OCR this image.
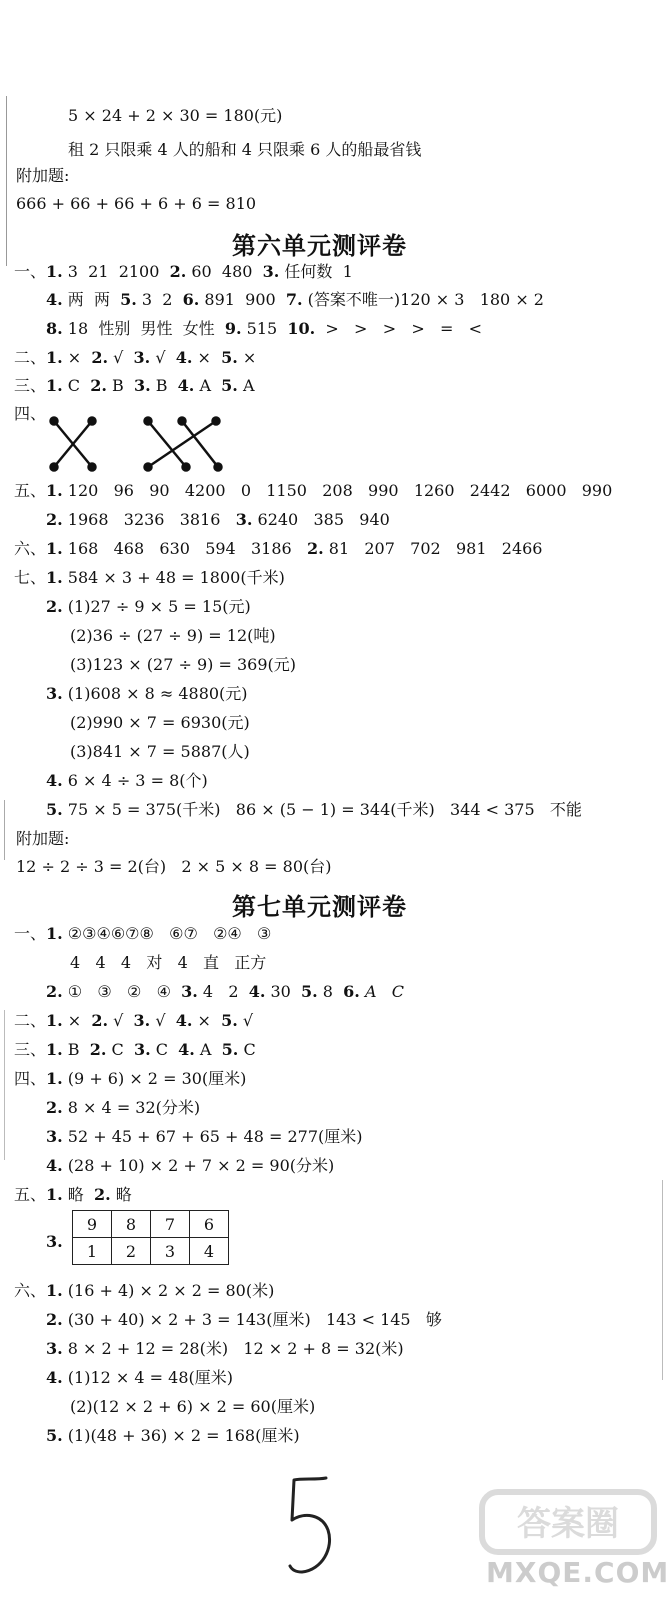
5 × 24 + 2 × 30 = 180(元)
租 2 只限乘 4 人的船和 4 只限乘 6 人的船最省钱
附加题:
666 + 66 + 66 + 6 + 6 = 810
第六单元测评卷
一、1. 3  21  2100  2. 60  480  3. 任何数  1
4. 两  两  5. 3  2  6. 891  900  7. (答案不唯一)120 × 3   180 × 2
8. 18  性别  男性  女性  9. 515  10.  >   >   >   >   =   <
二、1. ×  2. √  3. √  4. ×  5. ×
三、1. C  2. B  3. B  4. A  5. A
四、
五、1. 120   96   90   4200   0   1150   208   990   1260   2442   6000   990
2. 1968   3236   3816   3. 6240   385   940
六、1. 168   468   630   594   3186   2. 81   207   702   981   2466
七、1. 584 × 3 + 48 = 1800(千米)
2. (1)27 ÷ 9 × 5 = 15(元)
(2)36 ÷ (27 ÷ 9) = 12(吨)
(3)123 × (27 ÷ 9) = 369(元)
3. (1)608 × 8 ≈ 4880(元)
(2)990 × 7 = 6930(元)
(3)841 × 7 = 5887(人)
4. 6 × 4 ÷ 3 = 8(个)
5. 75 × 5 = 375(千米)   86 × (5 − 1) = 344(千米)   344 < 375   不能
附加题:
12 ÷ 2 ÷ 3 = 2(台)   2 × 5 × 8 = 80(台)
第七单元测评卷
一、1. ②③④⑥⑦⑧   ⑥⑦   ②④   ③
4   4   4   对   4   直   正方
2. ①   ③   ②   ④  3. 4   2  4. 30  5. 8  6. A   C
二、1. ×  2. √  3. √  4. ×  5. √
三、1. B  2. C  3. C  4. A  5. C
四、1. (9 + 6) × 2 = 30(厘米)
2. 8 × 4 = 32(分米)
3. 52 + 45 + 67 + 65 + 48 = 277(厘米)
4. (28 + 10) × 2 + 7 × 2 = 90(分米)
五、1. 略  2. 略
3.
9	8	7	6
1	2	3	4
六、1. (16 + 4) × 2 × 2 = 80(米)
2. (30 + 40) × 2 + 3 = 143(厘米)   143 < 145   够
3. 8 × 2 + 12 = 28(米)   12 × 2 + 8 = 32(米)
4. (1)12 × 4 = 48(厘米)
(2)(12 × 2 + 6) × 2 = 60(厘米)
5. (1)(48 + 36) × 2 = 168(厘米)
答案圈
MXQE.COM
